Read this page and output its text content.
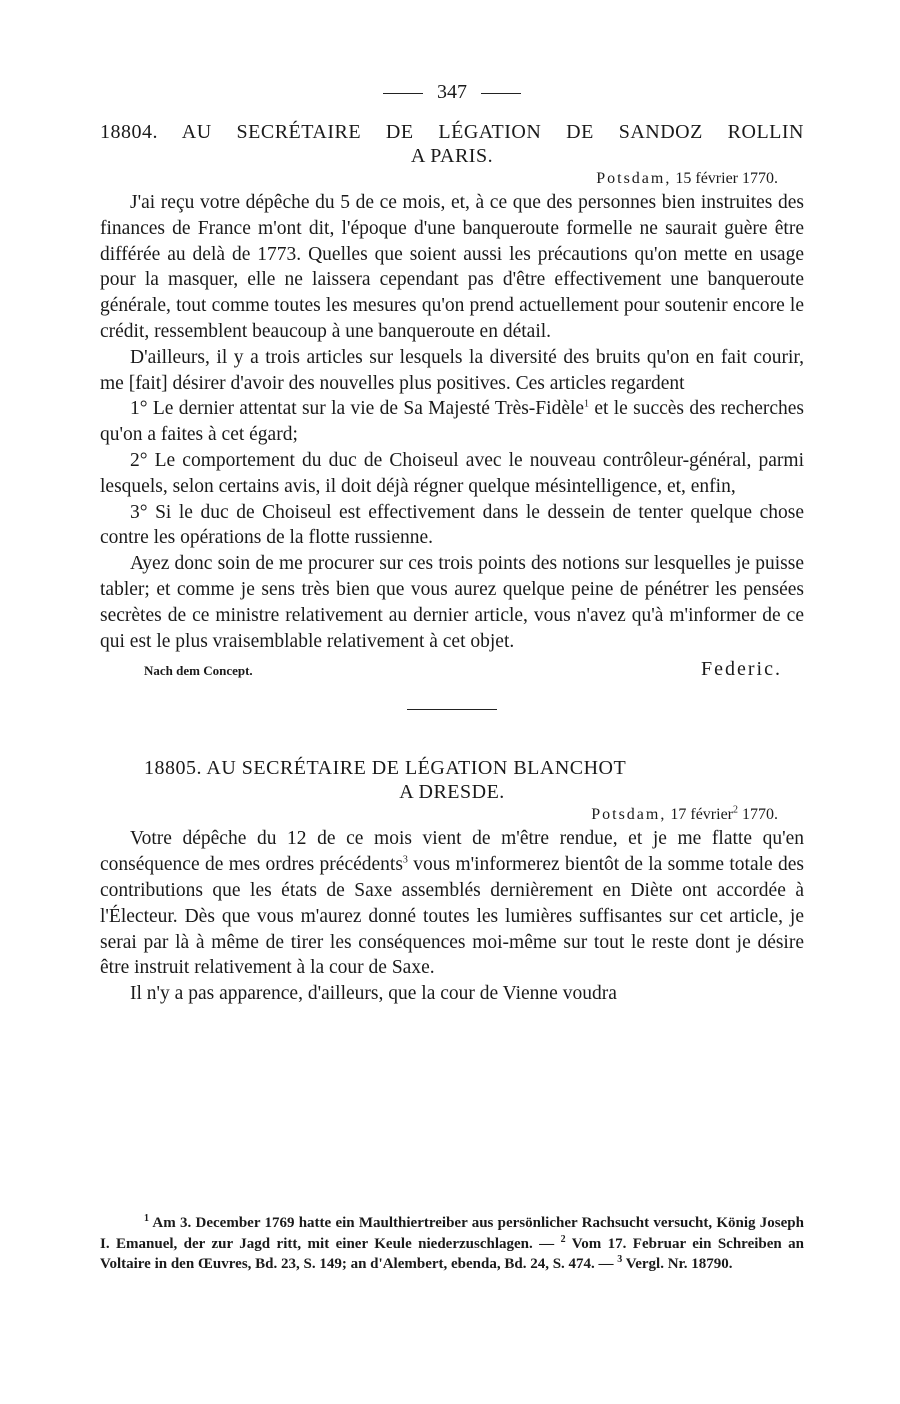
347
18804. AU SECRÉTAIRE DE LÉGATION DE SANDOZ ROLLIN
A PARIS.
Potsdam, 15 février 1770.

J'ai reçu votre dépêche du 5 de ce mois, et, à ce que des personnes bien instruites des finances de France m'ont dit, l'époque d'une banqueroute formelle ne saurait guère être différée au delà de 1773. Quelles que soient aussi les précautions qu'on mette en usage pour la masquer, elle ne laissera cependant pas d'être effectivement une banqueroute générale, tout comme toutes les mesures qu'on prend actuellement pour soutenir encore le crédit, ressemblent beaucoup à une banqueroute en détail.

D'ailleurs, il y a trois articles sur lesquels la diversité des bruits qu'on en fait courir, me [fait] désirer d'avoir des nouvelles plus positives. Ces articles regardent

1° Le dernier attentat sur la vie de Sa Majesté Très-Fidèle$^1$ et le succès des recherches qu'on a faites à cet égard;

2° Le comportement du duc de Choiseul avec le nouveau contrôleur-général, parmi lesquels, selon certains avis, il doit déjà régner quelque mésintelligence, et, enfin,

3° Si le duc de Choiseul est effectivement dans le dessein de tenter quelque chose contre les opérations de la flotte russienne.

Ayez donc soin de me procurer sur ces trois points des notions sur lesquelles je puisse tabler; et comme je sens très bien que vous aurez quelque peine de pénétrer les pensées secrètes de ce ministre relativement au dernier article, vous n'avez qu'à m'informer de ce qui est le plus vraisemblable relativement à cet objet.

Nach dem Concept.	Federic.
18805. AU SECRÉTAIRE DE LÉGATION BLANCHOT
A DRESDE.
Potsdam, 17 février$^2$ 1770.

Votre dépêche du 12 de ce mois vient de m'être rendue, et je me flatte qu'en conséquence de mes ordres précédents$^3$ vous m'informerez bientôt de la somme totale des contributions que les états de Saxe assemblés dernièrement en Diète ont accordée à l'Électeur. Dès que vous m'aurez donné toutes les lumières suffisantes sur cet article, je serai par là à même de tirer les conséquences moi-même sur tout le reste dont je désire être instruit relativement à la cour de Saxe.

Il n'y a pas apparence, d'ailleurs, que la cour de Vienne voudra

$^1$ Am 3. December 1769 hatte ein Maulthiertreiber aus persönlicher Rachsucht versucht, König Joseph I. Emanuel, der zur Jagd ritt, mit einer Keule niederzuschlagen. — $^2$ Vom 17. Februar ein Schreiben an Voltaire in den Œuvres, Bd. 23, S. 149; an d'Alembert, ebenda, Bd. 24, S. 474. — $^3$ Vergl. Nr. 18790.
